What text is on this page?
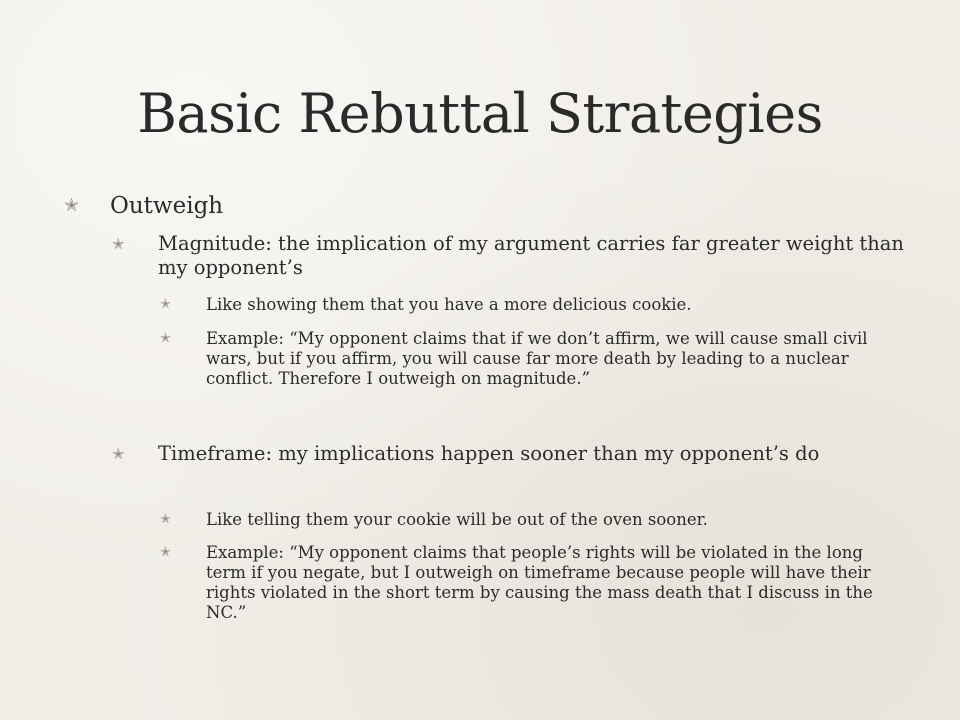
Basic Rebuttal Strategies
✭	Outweigh
✭	Magnitude: the implication of my argument carries far greater weight than my opponent’s
✭	Like showing them that you have a more delicious cookie.
✭	Example: “My opponent claims that if we don’t affirm, we will cause small civil wars, but if you affirm, you will cause far more death by leading to a nuclear conflict. Therefore I outweigh on magnitude.”
✭	Timeframe: my implications happen sooner than my opponent’s do
✭	Like telling them your cookie will be out of the oven sooner.
✭	Example: “My opponent claims that people’s rights will be violated in the long term if you negate, but I outweigh on timeframe because people will have their rights violated in the short term by causing the mass death that I discuss in the NC.”
